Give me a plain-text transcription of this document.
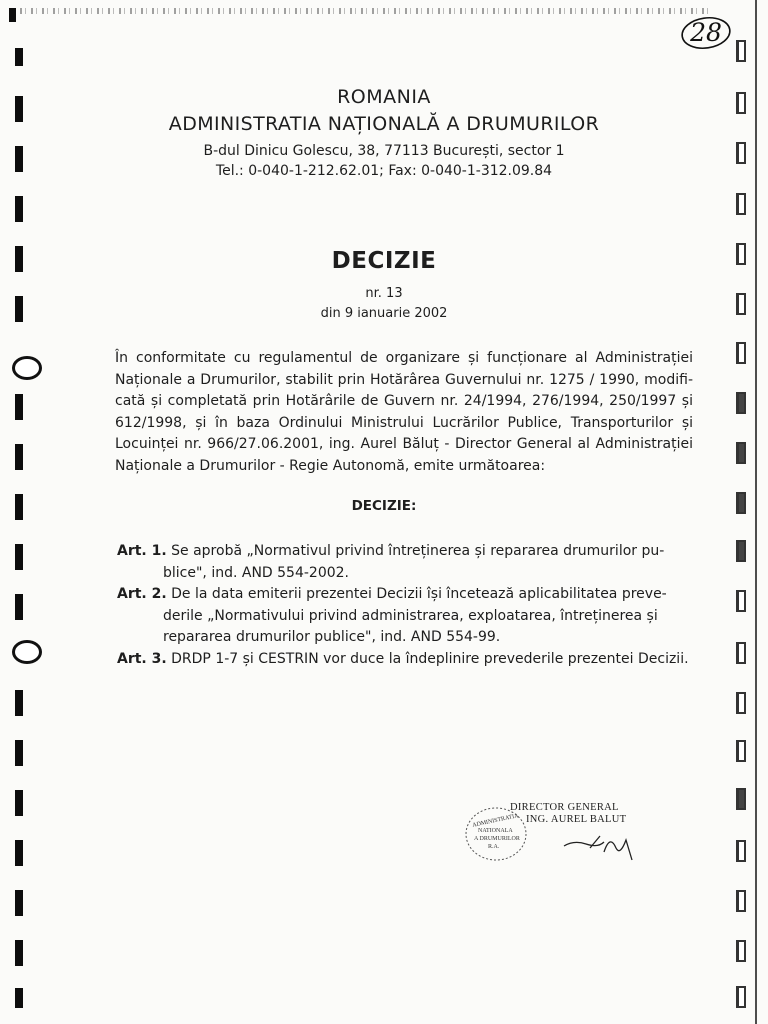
28
ROMANIA
ADMINISTRATIA NAȚIONALĂ A DRUMURILOR
B-dul Dinicu Golescu, 38, 77113 București, sector 1
Tel.: 0-040-1-212.62.01; Fax: 0-040-1-312.09.84
DECIZIE
nr. 13
din 9 ianuarie 2002
În conformitate cu regulamentul de organizare și funcționare al Administrației
Naționale a Drumurilor, stabilit prin Hotărârea Guvernului nr. 1275 / 1990, modifi-
cată și completată prin Hotărârile de Guvern nr. 24/1994, 276/1994, 250/1997 și
612/1998, și în baza Ordinului Ministrului Lucrărilor Publice, Transporturilor și
Locuinței nr. 966/27.06.2001, ing. Aurel Băluț - Director General al Administrației
Naționale a Drumurilor - Regie Autonomă, emite următoarea:
DECIZIE:
Art. 1. Se aprobă „Normativul privind întreținerea și repararea drumurilor pu-
blice", ind. AND 554-2002.
Art. 2. De la data emiterii prezentei Decizii își încetează aplicabilitatea preve-
derile „Normativului privind administrarea, exploatarea, întreținerea și
repararea drumurilor publice", ind. AND 554-99.
Art. 3. DRDP 1-7 și CESTRIN vor duce la îndeplinire prevederile prezentei Decizii.
ADMINISTRATIA
NATIONALA
A DRUMURILOR
R.A.
DIRECTOR GENERAL
ING. AUREL BALUT
